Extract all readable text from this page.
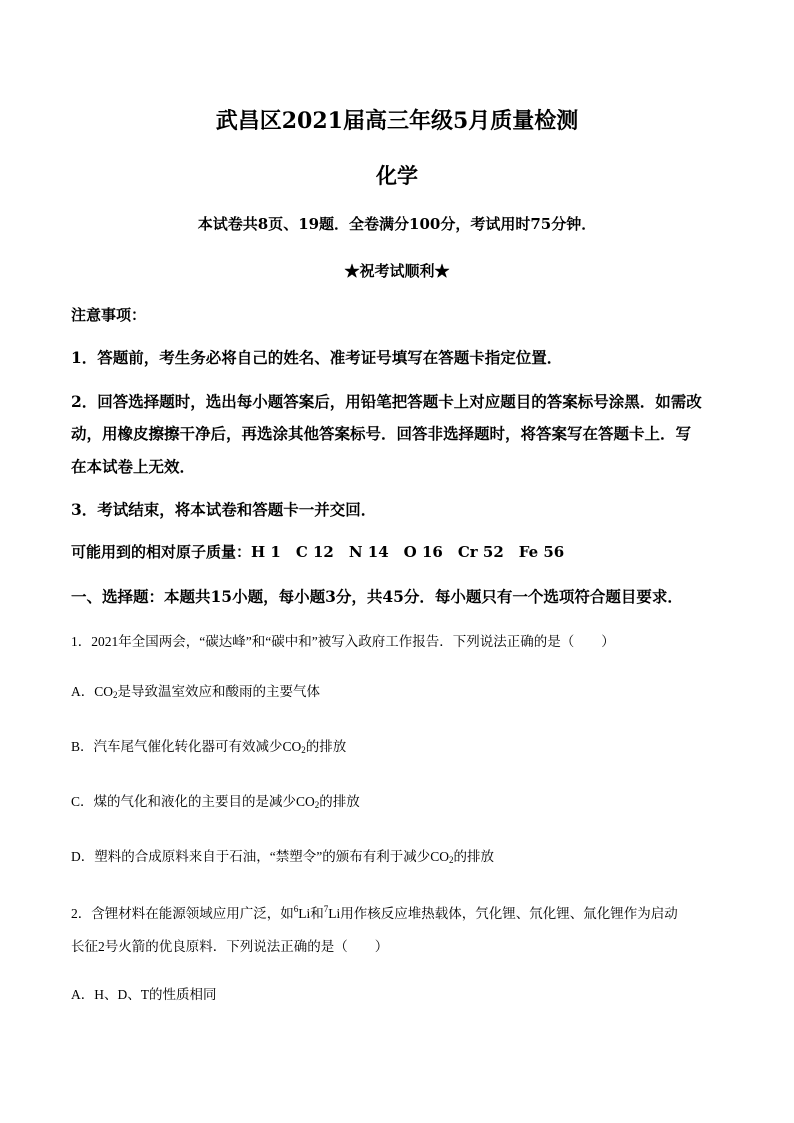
武昌区2021届高三年级5月质量检测
化学
本试卷共8页、19题．全卷满分100分，考试用时75分钟．
★祝考试顺利★
注意事项：
1．答题前，考生务必将自己的姓名、准考证号填写在答题卡指定位置．
2．回答选择题时，选出每小题答案后，用铅笔把答题卡上对应题目的答案标号涂黑．如需改
动，用橡皮擦擦干净后，再选涂其他答案标号．回答非选择题时，将答案写在答题卡上．写
在本试卷上无效．
3．考试结束，将本试卷和答题卡一并交回．
可能用到的相对原子质量：H 1　C 12　N 14　O 16　Cr 52　Fe 56
一、选择题：本题共15小题，每小题3分，共45分．每小题只有一个选项符合题目要求．
1．2021年全国两会，“碳达峰”和“碳中和”被写入政府工作报告．下列说法正确的是（　　）
A．$CO_2$是导致温室效应和酸雨的主要气体
B．汽车尾气催化转化器可有效减少$CO_2$的排放
C．煤的气化和液化的主要目的是减少$CO_2$的排放
D．塑料的合成原料来自于石油，“禁塑令”的颁布有利于减少$CO_2$的排放
2．含锂材料在能源领域应用广泛，如$^6$Li和$^7$Li用作核反应堆热载体，氕化锂、氘化锂、氚化锂作为启动
长征2号火箭的优良原料．下列说法正确的是（　　）
A．H、D、T的性质相同
